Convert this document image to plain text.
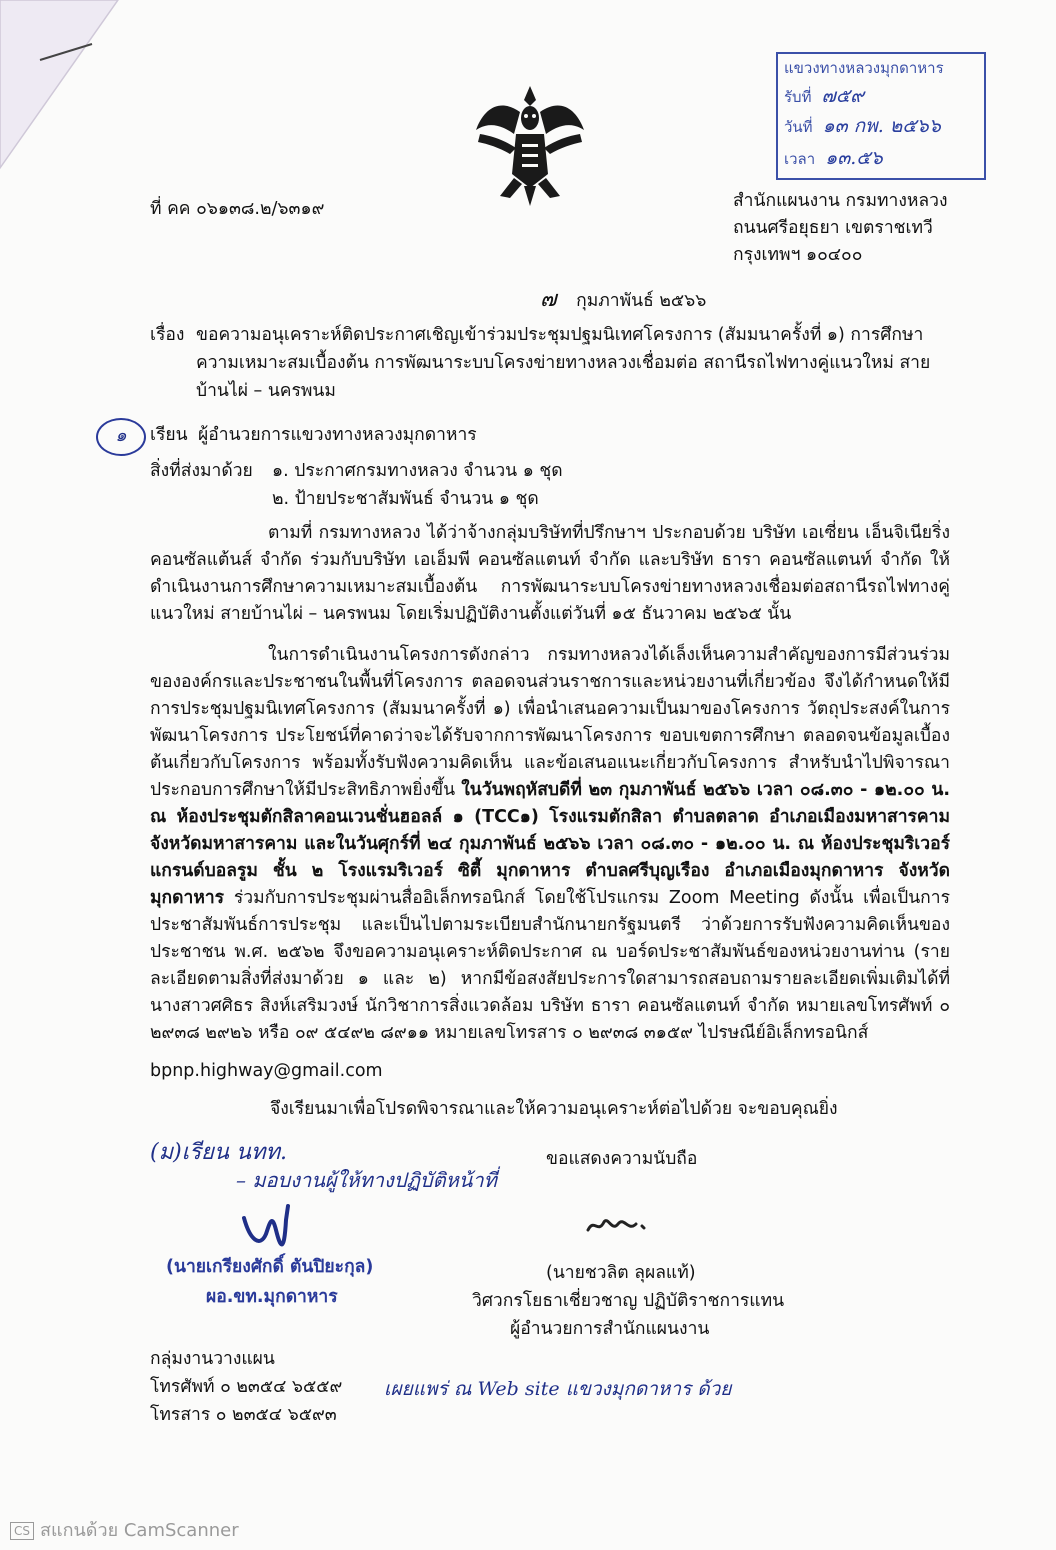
แขวงทางหลวงมุกดาหาร
รับที่ ๗๕๙
วันที่ ๑๓ กพ. ๒๕๖๖
เวลา ๑๓.๕๖
ที่ คค ๐๖๑๓๘.๒/๖๓๑๙	สำนักแผนงาน กรมทางหลวง
ถนนศรีอยุธยา เขตราชเทวี
กรุงเทพฯ ๑๐๔๐๐
๗ กุมภาพันธ์ ๒๕๖๖
เรื่อง ขอความอนุเคราะห์ติดประกาศเชิญเข้าร่วมประชุมปฐมนิเทศโครงการ (สัมมนาครั้งที่ ๑) การศึกษา
ความเหมาะสมเบื้องต้น การพัฒนาระบบโครงข่ายทางหลวงเชื่อมต่อ สถานีรถไฟทางคู่แนวใหม่ สาย
บ้านไผ่ – นครพนม
๑	เรียน ผู้อำนวยการแขวงทางหลวงมุกดาหาร
สิ่งที่ส่งมาด้วย ๑. ประกาศกรมทางหลวง จำนวน ๑ ชุด
๒. ป้ายประชาสัมพันธ์ จำนวน ๑ ชุด
ตามที่ กรมทางหลวง ได้ว่าจ้างกลุ่มบริษัทที่ปรึกษาฯ ประกอบด้วย บริษัท เอเซี่ยน เอ็นจิเนียริ่ง คอนซัลแต้นส์ จำกัด ร่วมกับบริษัท เอเอ็มพี คอนซัลแตนท์ จำกัด และบริษัท ธารา คอนซัลแตนท์ จำกัด ให้ดำเนินงานการศึกษาความเหมาะสมเบื้องต้น การพัฒนาระบบโครงข่ายทางหลวงเชื่อมต่อสถานีรถไฟทางคู่แนวใหม่ สายบ้านไผ่ – นครพนม โดยเริ่มปฏิบัติงานตั้งแต่วันที่ ๑๕ ธันวาคม ๒๕๖๕ นั้น
ในการดำเนินงานโครงการดังกล่าว กรมทางหลวงได้เล็งเห็นความสำคัญของการมีส่วนร่วมขององค์กรและประชาชนในพื้นที่โครงการ ตลอดจนส่วนราชการและหน่วยงานที่เกี่ยวข้อง จึงได้กำหนดให้มีการประชุมปฐมนิเทศโครงการ (สัมมนาครั้งที่ ๑) เพื่อนำเสนอความเป็นมาของโครงการ วัตถุประสงค์ในการพัฒนาโครงการ ประโยชน์ที่คาดว่าจะได้รับจากการพัฒนาโครงการ ขอบเขตการศึกษา ตลอดจนข้อมูลเบื้องต้นเกี่ยวกับโครงการ พร้อมทั้งรับฟังความคิดเห็น และข้อเสนอแนะเกี่ยวกับโครงการ สำหรับนำไปพิจารณาประกอบการศึกษาให้มีประสิทธิภาพยิ่งขึ้น ในวันพฤหัสบดีที่ ๒๓ กุมภาพันธ์ ๒๕๖๖ เวลา ๐๘.๓๐ - ๑๒.๐๐ น. ณ ห้องประชุมตักสิลาคอนเวนชั่นฮอลล์ ๑ (TCC๑) โรงแรมตักสิลา ตำบลตลาด อำเภอเมืองมหาสารคาม จังหวัดมหาสารคาม และในวันศุกร์ที่ ๒๔ กุมภาพันธ์ ๒๕๖๖ เวลา ๐๘.๓๐ - ๑๒.๐๐ น. ณ ห้องประชุมริเวอร์แกรนด์บอลรูม ชั้น ๒ โรงแรมริเวอร์ ซิตี้ มุกดาหาร ตำบลศรีบุญเรือง อำเภอเมืองมุกดาหาร จังหวัดมุกดาหาร ร่วมกับการประชุมผ่านสื่ออิเล็กทรอนิกส์ โดยใช้โปรแกรม Zoom Meeting ดังนั้น เพื่อเป็นการประชาสัมพันธ์การประชุม และเป็นไปตามระเบียบสำนักนายกรัฐมนตรี ว่าด้วยการรับฟังความคิดเห็นของประชาชน พ.ศ. ๒๕๖๒ จึงขอความอนุเคราะห์ติดประกาศ ณ บอร์ดประชาสัมพันธ์ของหน่วยงานท่าน (รายละเอียดตามสิ่งที่ส่งมาด้วย ๑ และ ๒) หากมีข้อสงสัยประการใดสามารถสอบถามรายละเอียดเพิ่มเติมได้ที่ นางสาวศศิธร สิงห์เสริมวงษ์ นักวิชาการสิ่งแวดล้อม บริษัท ธารา คอนซัลแตนท์ จำกัด หมายเลขโทรศัพท์ ๐ ๒๙๓๘ ๒๙๒๖ หรือ ๐๙ ๕๔๙๒ ๘๙๑๑ หมายเลขโทรสาร ๐ ๒๙๓๘ ๓๑๕๙ ไปรษณีย์อิเล็กทรอนิกส์
bpnp.highway@gmail.com
จึงเรียนมาเพื่อโปรดพิจารณาและให้ความอนุเคราะห์ต่อไปด้วย จะขอบคุณยิ่ง
(ม)เรียน นทท.
– มอบงานผู้ให้ทางปฏิบัติหน้าที่
ขอแสดงความนับถือ
(นายเกรียงศักดิ์ ตันปิยะกุล)
ผอ.ขท.มุกดาหาร
(นายชวลิต ลุผลแท้)
วิศวกรโยธาเชี่ยวชาญ ปฏิบัติราชการแทน
ผู้อำนวยการสำนักแผนงาน
กลุ่มงานวางแผน
โทรศัพท์ ๐ ๒๓๕๔ ๖๕๕๙
โทรสาร ๐ ๒๓๕๔ ๖๕๙๓
เผยแพร่ ณ Web site แขวงมุกดาหาร ด้วย
CS สแกนด้วย CamScanner
